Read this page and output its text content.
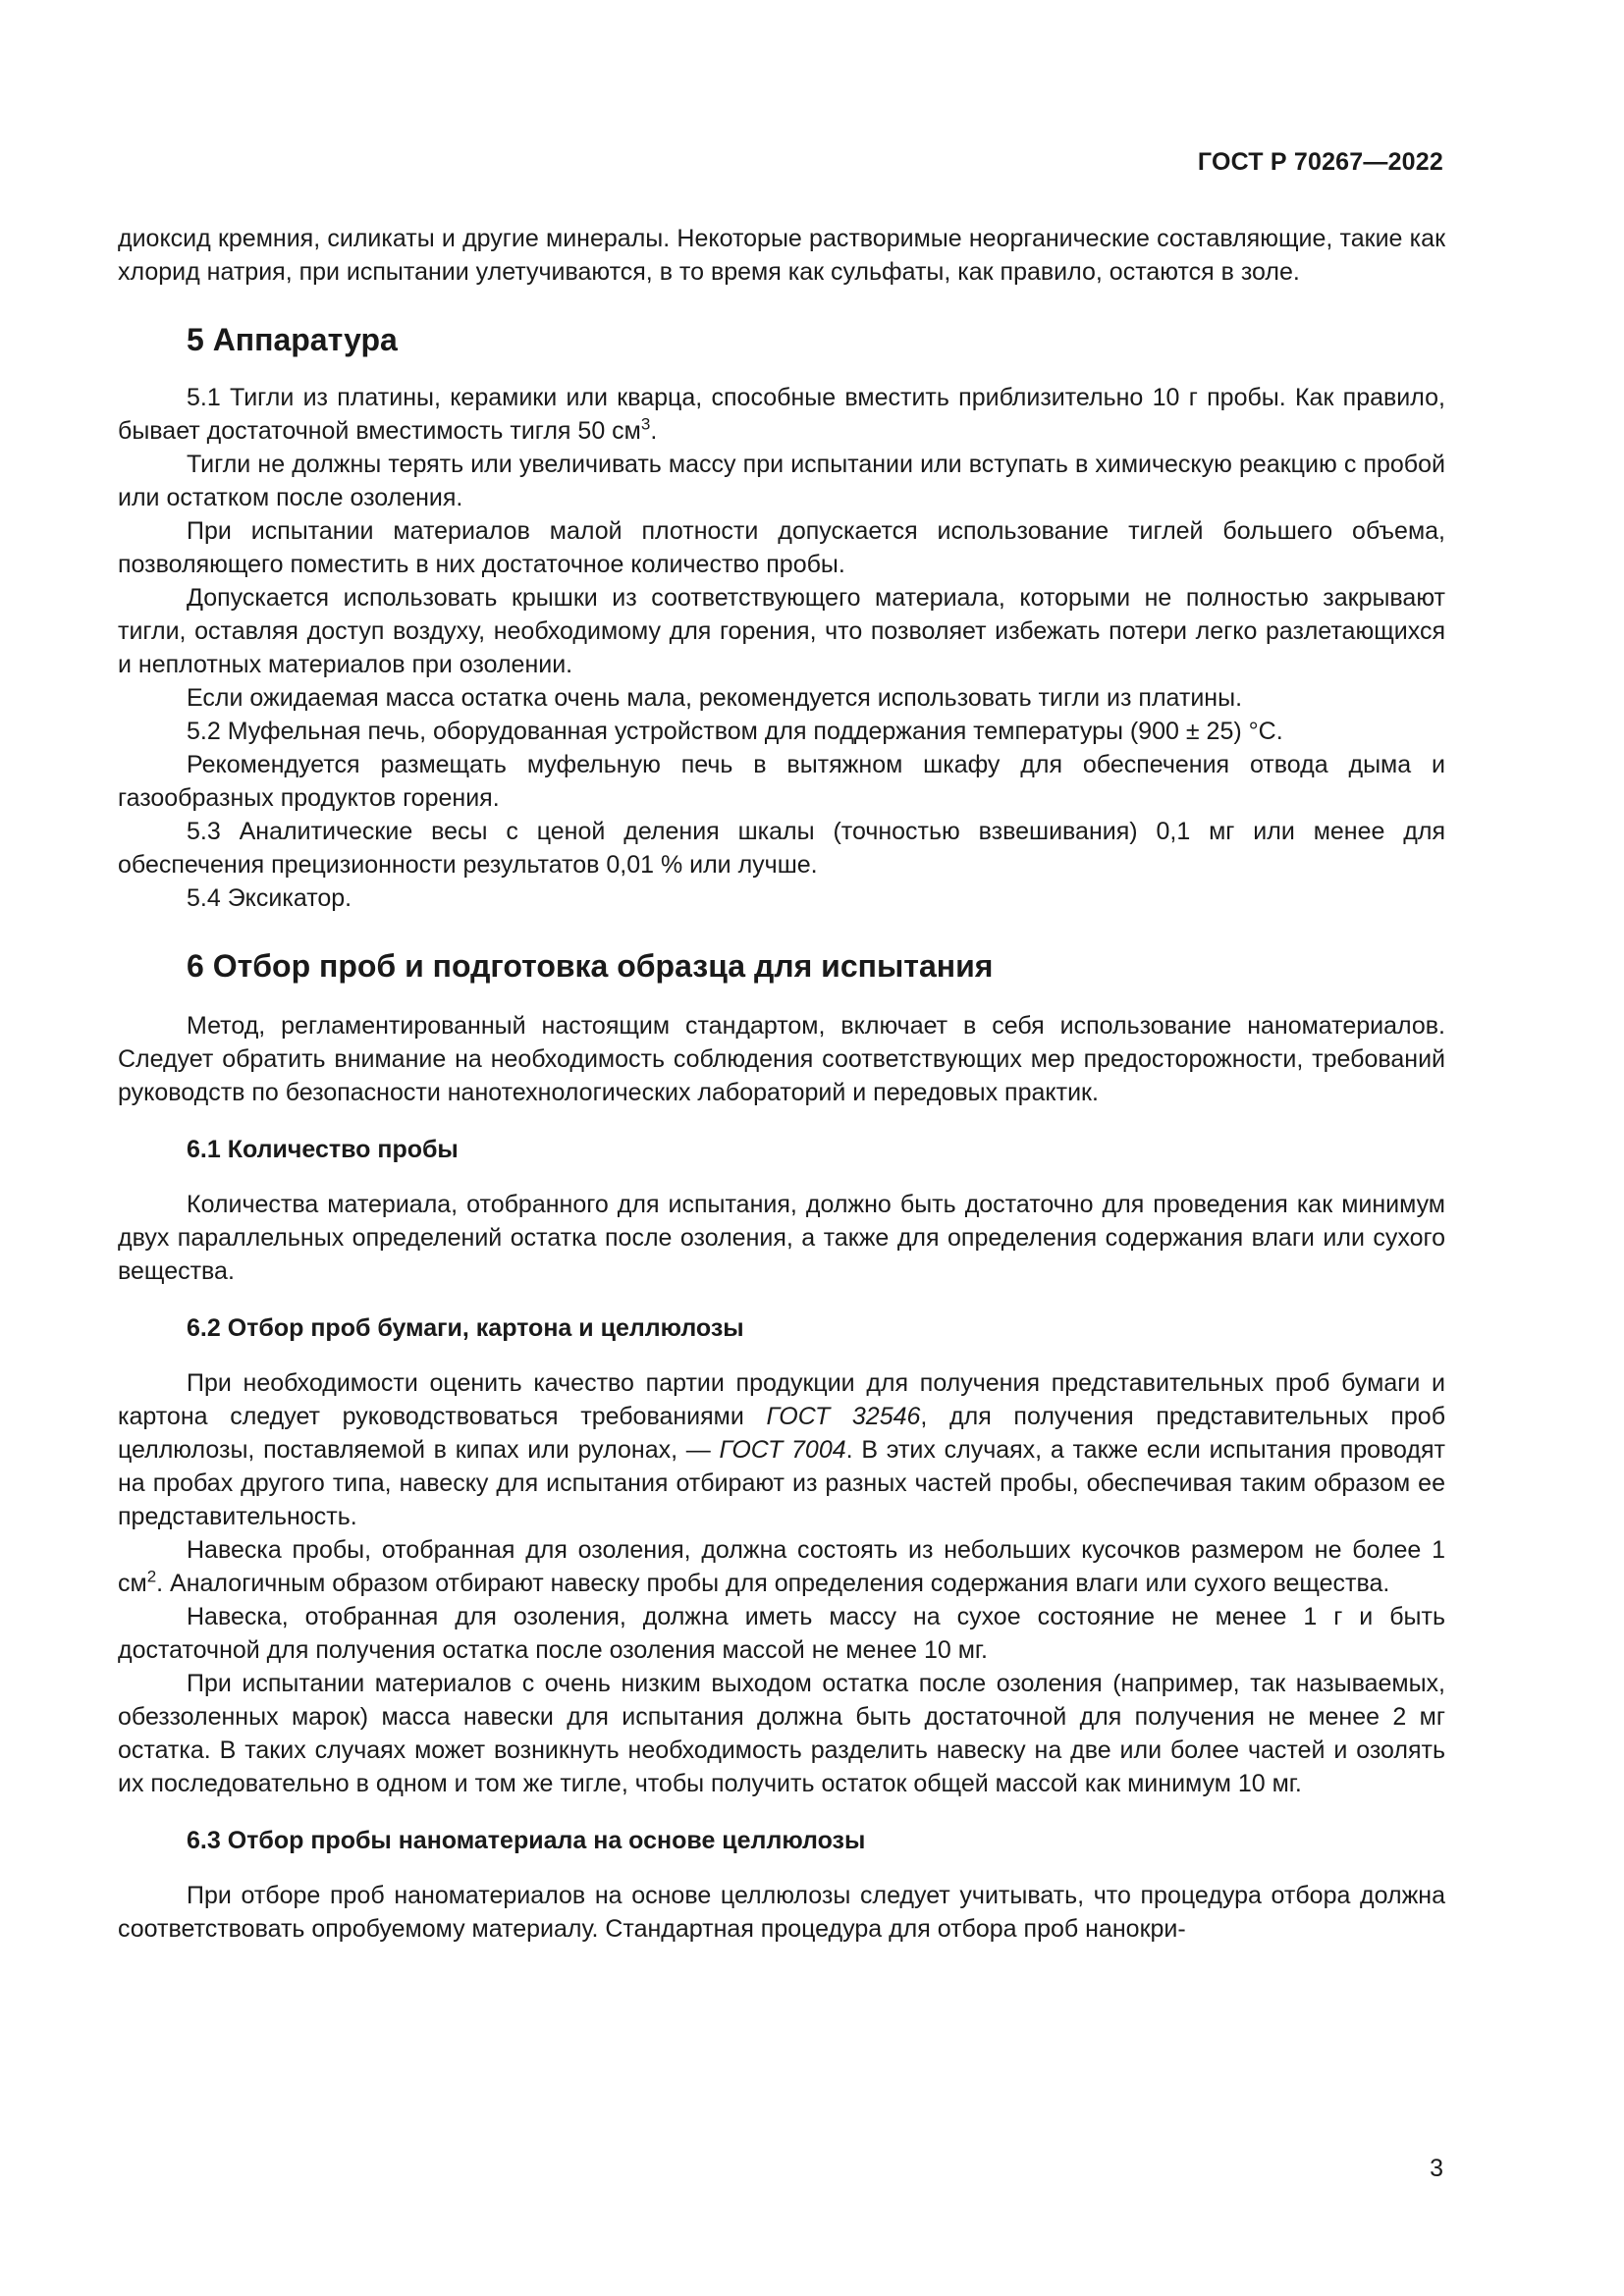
ГОСТ Р 70267—2022

диоксид кремния, силикаты и другие минералы. Некоторые растворимые неорганические составляющие, такие как хлорид натрия, при испытании улетучиваются, в то время как сульфаты, как правило, остаются в золе.

5 Аппаратура

5.1 Тигли из платины, керамики или кварца, способные вместить приблизительно 10 г пробы. Как правило, бывает достаточной вместимость тигля 50 $см^3$.

Тигли не должны терять или увеличивать массу при испытании или вступать в химическую реакцию с пробой или остатком после озоления.

При испытании материалов малой плотности допускается использование тиглей большего объема, позволяющего поместить в них достаточное количество пробы.

Допускается использовать крышки из соответствующего материала, которыми не полностью закрывают тигли, оставляя доступ воздуху, необходимому для горения, что позволяет избежать потери легко разлетающихся и неплотных материалов при озолении.

Если ожидаемая масса остатка очень мала, рекомендуется использовать тигли из платины.

5.2 Муфельная печь, оборудованная устройством для поддержания температуры (900 ± 25) °С.

Рекомендуется размещать муфельную печь в вытяжном шкафу для обеспечения отвода дыма и газообразных продуктов горения.

5.3 Аналитические весы с ценой деления шкалы (точностью взвешивания) 0,1 мг или менее для обеспечения прецизионности результатов 0,01 % или лучше.

5.4 Эксикатор.

6 Отбор проб и подготовка образца для испытания

Метод, регламентированный настоящим стандартом, включает в себя использование наноматериалов. Следует обратить внимание на необходимость соблюдения соответствующих мер предосторожности, требований руководств по безопасности нанотехнологических лабораторий и передовых практик.

6.1 Количество пробы

Количества материала, отобранного для испытания, должно быть достаточно для проведения как минимум двух параллельных определений остатка после озоления, а также для определения содержания влаги или сухого вещества.

6.2 Отбор проб бумаги, картона и целлюлозы

При необходимости оценить качество партии продукции для получения представительных проб бумаги и картона следует руководствоваться требованиями ГОСТ 32546, для получения представительных проб целлюлозы, поставляемой в кипах или рулонах, — ГОСТ 7004. В этих случаях, а также если испытания проводят на пробах другого типа, навеску для испытания отбирают из разных частей пробы, обеспечивая таким образом ее представительность.

Навеска пробы, отобранная для озоления, должна состоять из небольших кусочков размером не более 1 $см^2$. Аналогичным образом отбирают навеску пробы для определения содержания влаги или сухого вещества.

Навеска, отобранная для озоления, должна иметь массу на сухое состояние не менее 1 г и быть достаточной для получения остатка после озоления массой не менее 10 мг.

При испытании материалов с очень низким выходом остатка после озоления (например, так называемых, обеззоленных марок) масса навески для испытания должна быть достаточной для получения не менее 2 мг остатка. В таких случаях может возникнуть необходимость разделить навеску на две или более частей и озолять их последовательно в одном и том же тигле, чтобы получить остаток общей массой как минимум 10 мг.

6.3 Отбор пробы наноматериала на основе целлюлозы

При отборе проб наноматериалов на основе целлюлозы следует учитывать, что процедура отбора должна соответствовать опробуемому материалу. Стандартная процедура для отбора проб нанокри-

3
